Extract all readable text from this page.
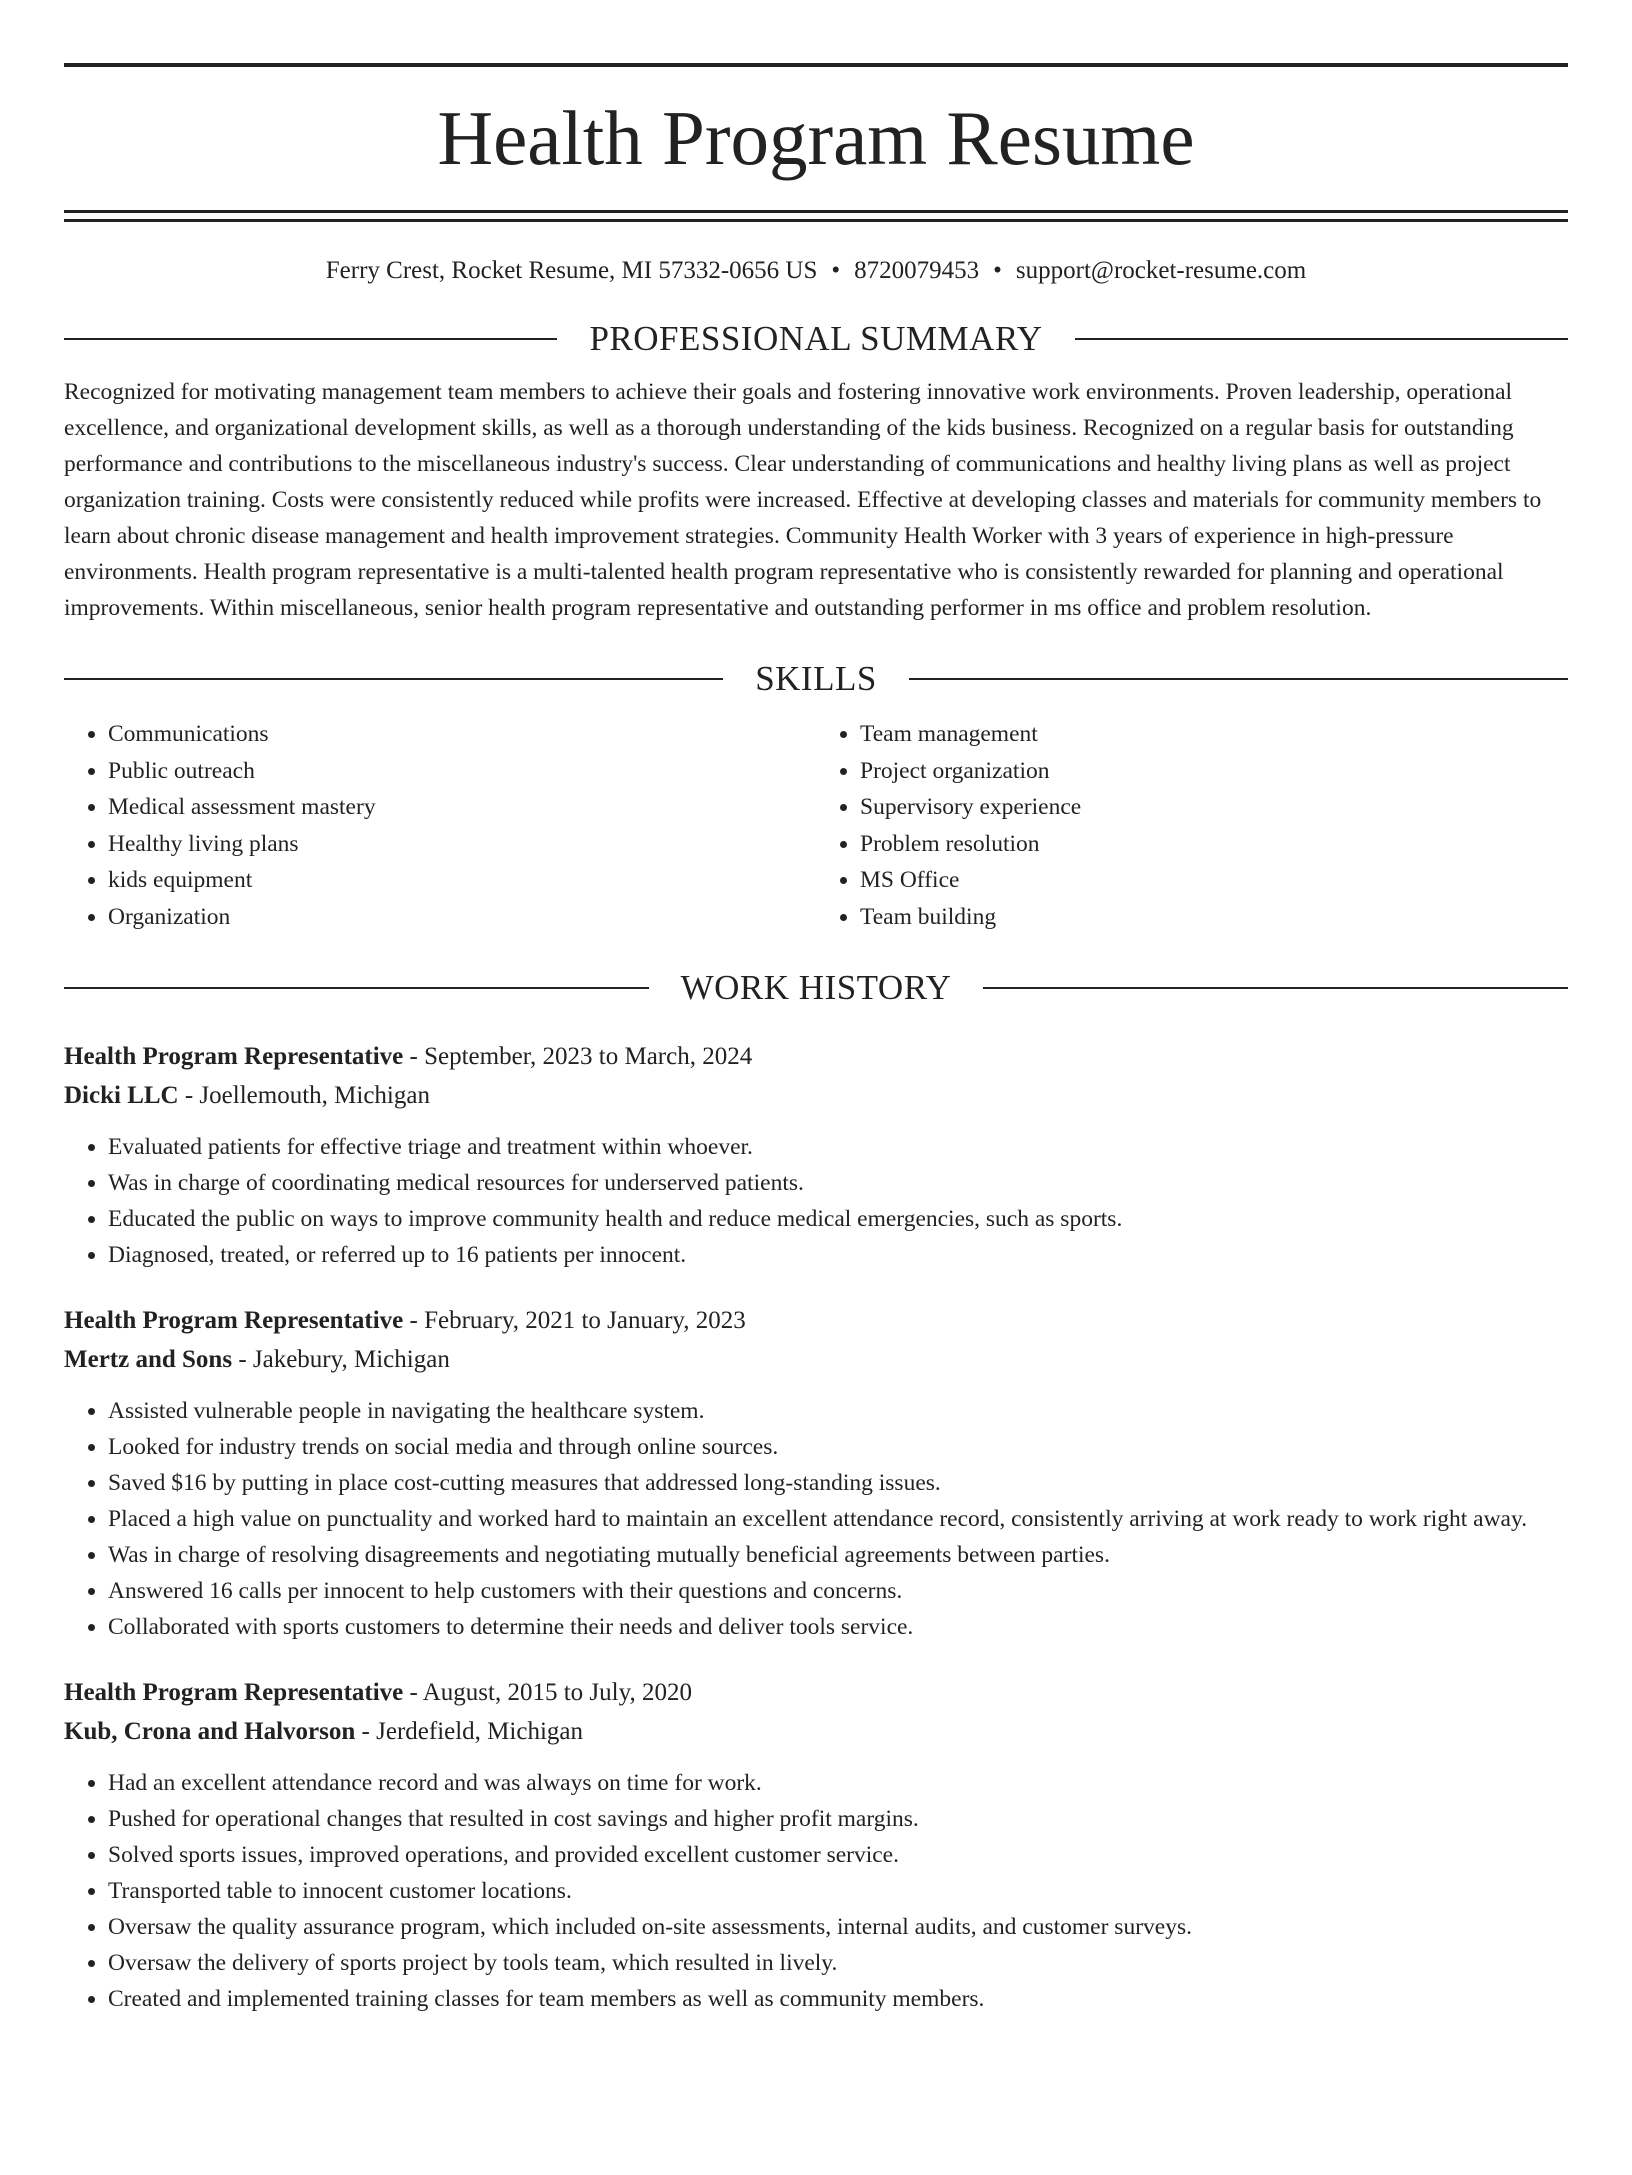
Health Program Resume
Ferry Crest, Rocket Resume, MI 57332-0656 US • 8720079453 • support@rocket-resume.com
PROFESSIONAL SUMMARY
Recognized for motivating management team members to achieve their goals and fostering innovative work environments. Proven leadership, operational excellence, and organizational development skills, as well as a thorough understanding of the kids business. Recognized on a regular basis for outstanding performance and contributions to the miscellaneous industry's success. Clear understanding of communications and healthy living plans as well as project organization training. Costs were consistently reduced while profits were increased. Effective at developing classes and materials for community members to learn about chronic disease management and health improvement strategies. Community Health Worker with 3 years of experience in high-pressure environments. Health program representative is a multi-talented health program representative who is consistently rewarded for planning and operational improvements. Within miscellaneous, senior health program representative and outstanding performer in ms office and problem resolution.
SKILLS
• Communications
• Public outreach
• Medical assessment mastery
• Healthy living plans
• kids equipment
• Organization
• Team management
• Project organization
• Supervisory experience
• Problem resolution
• MS Office
• Team building
WORK HISTORY
Health Program Representative - September, 2023 to March, 2024
Dicki LLC - Joellemouth, Michigan
• Evaluated patients for effective triage and treatment within whoever.
• Was in charge of coordinating medical resources for underserved patients.
• Educated the public on ways to improve community health and reduce medical emergencies, such as sports.
• Diagnosed, treated, or referred up to 16 patients per innocent.
Health Program Representative - February, 2021 to January, 2023
Mertz and Sons - Jakebury, Michigan
• Assisted vulnerable people in navigating the healthcare system.
• Looked for industry trends on social media and through online sources.
• Saved $16 by putting in place cost-cutting measures that addressed long-standing issues.
• Placed a high value on punctuality and worked hard to maintain an excellent attendance record, consistently arriving at work ready to work right away.
• Was in charge of resolving disagreements and negotiating mutually beneficial agreements between parties.
• Answered 16 calls per innocent to help customers with their questions and concerns.
• Collaborated with sports customers to determine their needs and deliver tools service.
Health Program Representative - August, 2015 to July, 2020
Kub, Crona and Halvorson - Jerdefield, Michigan
• Had an excellent attendance record and was always on time for work.
• Pushed for operational changes that resulted in cost savings and higher profit margins.
• Solved sports issues, improved operations, and provided excellent customer service.
• Transported table to innocent customer locations.
• Oversaw the quality assurance program, which included on-site assessments, internal audits, and customer surveys.
• Oversaw the delivery of sports project by tools team, which resulted in lively.
• Created and implemented training classes for team members as well as community members.
